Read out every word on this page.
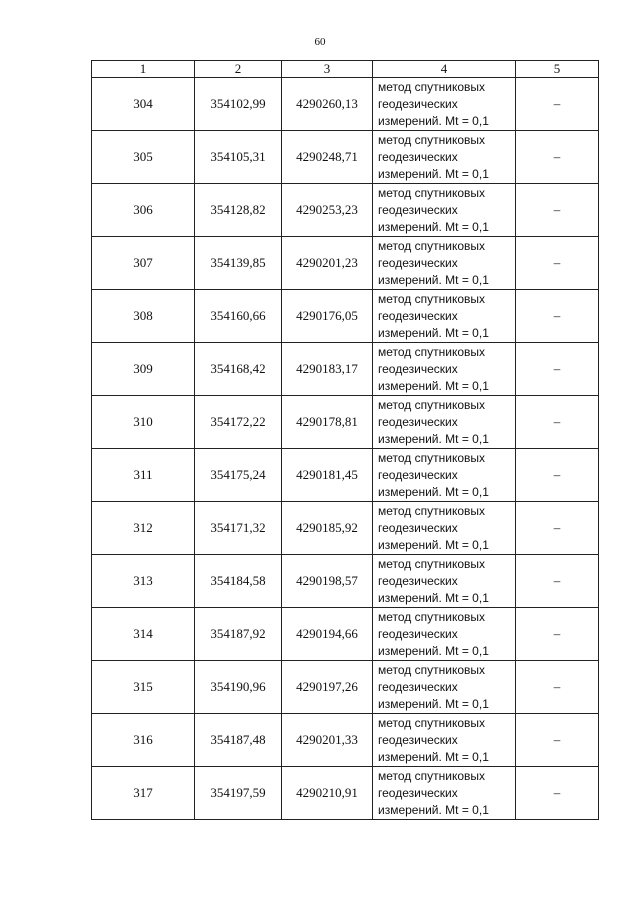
60
1	2	3	4	5
304	354102,99	4290260,13	метод спутниковых
геодезических
измерений. Mt = 0,1	–
305	354105,31	4290248,71	метод спутниковых
геодезических
измерений. Mt = 0,1	–
306	354128,82	4290253,23	метод спутниковых
геодезических
измерений. Mt = 0,1	–
307	354139,85	4290201,23	метод спутниковых
геодезических
измерений. Mt = 0,1	–
308	354160,66	4290176,05	метод спутниковых
геодезических
измерений. Mt = 0,1	–
309	354168,42	4290183,17	метод спутниковых
геодезических
измерений. Mt = 0,1	–
310	354172,22	4290178,81	метод спутниковых
геодезических
измерений. Mt = 0,1	–
311	354175,24	4290181,45	метод спутниковых
геодезических
измерений. Mt = 0,1	–
312	354171,32	4290185,92	метод спутниковых
геодезических
измерений. Mt = 0,1	–
313	354184,58	4290198,57	метод спутниковых
геодезических
измерений. Mt = 0,1	–
314	354187,92	4290194,66	метод спутниковых
геодезических
измерений. Mt = 0,1	–
315	354190,96	4290197,26	метод спутниковых
геодезических
измерений. Mt = 0,1	–
316	354187,48	4290201,33	метод спутниковых
геодезических
измерений. Mt = 0,1	–
317	354197,59	4290210,91	метод спутниковых
геодезических
измерений. Mt = 0,1	–
